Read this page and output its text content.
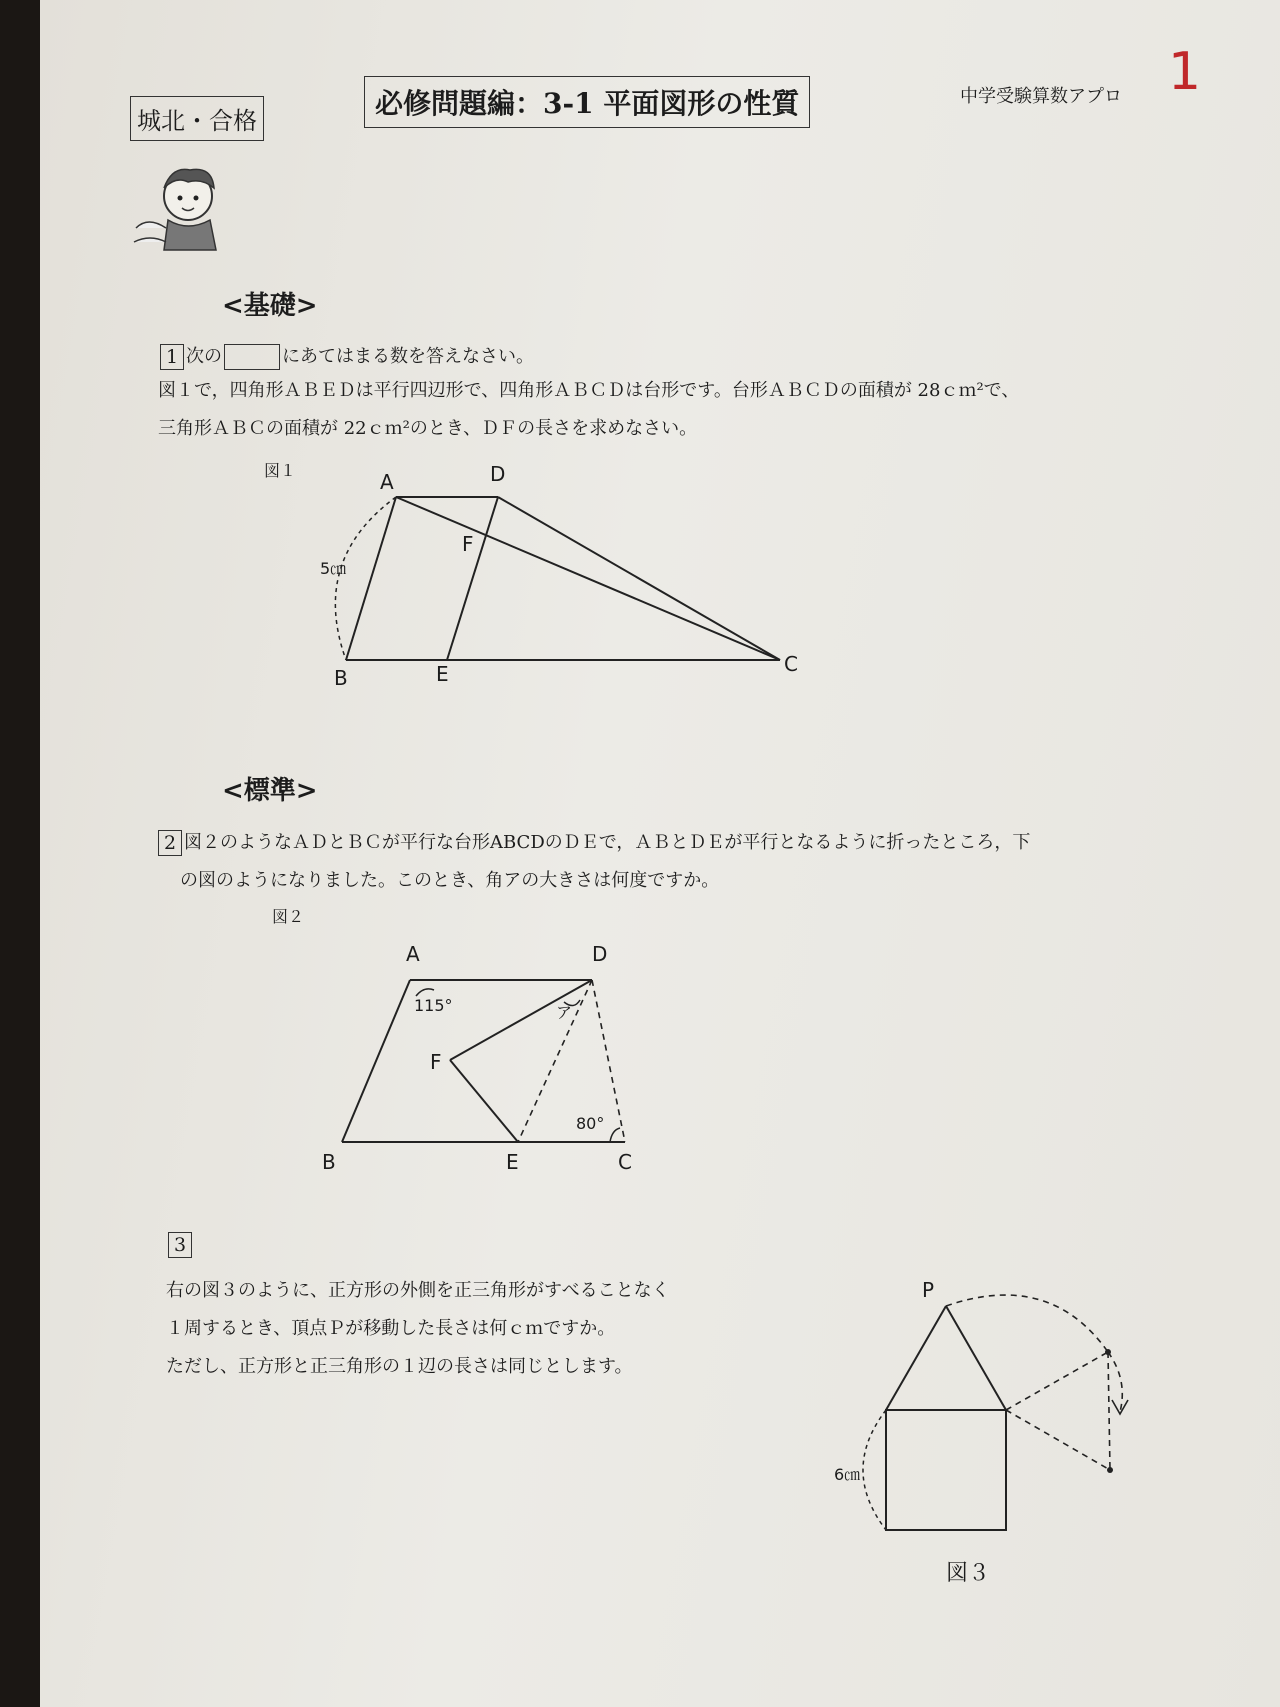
城北・合格
必修問題編：3-1 平面図形の性質	中学受験算数アプロ 1
<基礎>
1 次の	にあてはまる数を答えなさい。
図１で，四角形ＡＢＥＤは平行四辺形で、四角形ＡＢＣＤは台形です。台形ＡＢＣＤの面積が 28ｃｍ²で、
三角形ＡＢＣの面積が 22ｃｍ²のとき、ＤＦの長さを求めなさい。
図１	A	D
F
B	E	C
5㎝
<標準>
2 図２のようなＡＤとＢＣが平行な台形ABCDのＤＥで，ＡＢとＤＥが平行となるように折ったところ，下
の図のようになりました。このとき、角アの大きさは何度ですか。
図２
A	D
F
B	E	C
115°
80°
ア
3
右の図３のように、正方形の外側を正三角形がすべることなく
１周するとき、頂点Ｐが移動した長さは何ｃｍですか。
ただし、正方形と正三角形の１辺の長さは同じとします。
P
6㎝
図３
